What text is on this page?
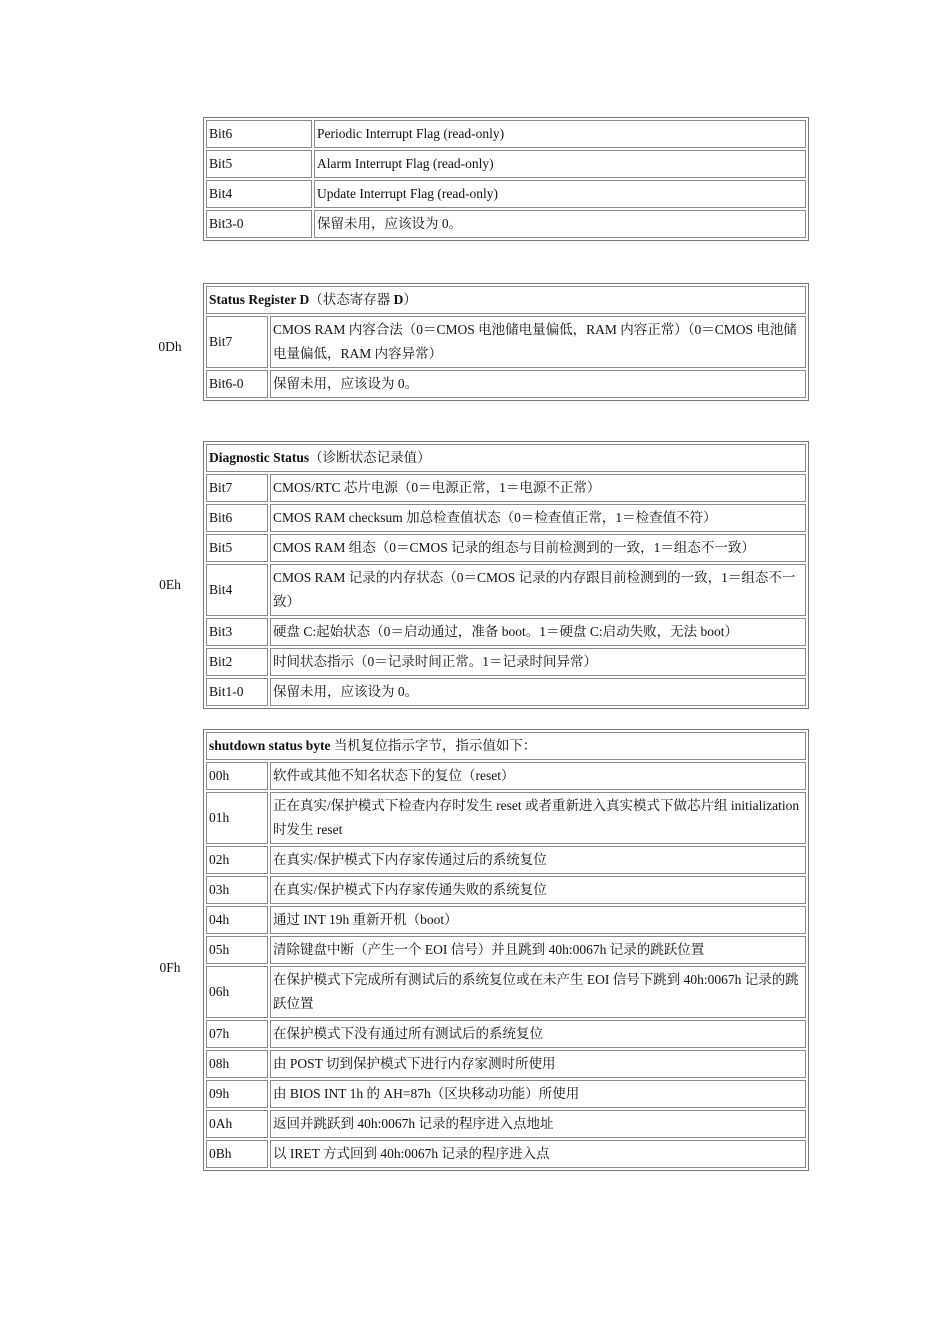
Bit6	Periodic Interrupt Flag (read-only)
Bit5	Alarm Interrupt Flag (read-only)
Bit4	Update Interrupt Flag (read-only)
Bit3-0	保留未用，应该设为 0。
0Dh
Status Register D（状态寄存器 D）	
Bit7	CMOS RAM 内容合法（0＝CMOS 电池储电量偏低，RAM 内容正常）（0＝CMOS 电池储电量偏低，RAM 内容异常）
Bit6-0	保留未用，应该设为 0。
0Eh
Diagnostic Status（诊断状态记录值）	
Bit7	CMOS/RTC 芯片电源（0＝电源正常，1＝电源不正常）
Bit6	CMOS RAM checksum 加总检查值状态（0＝检查值正常，1＝检查值不符）
Bit5	CMOS RAM 组态（0＝CMOS 记录的组态与目前检测到的一致，1＝组态不一致）
Bit4	CMOS RAM 记录的内存状态（0＝CMOS 记录的内存跟目前检测到的一致，1＝组态不一致）
Bit3	硬盘 C:起始状态（0＝启动通过，准备 boot。1＝硬盘 C:启动失败，无法 boot）
Bit2	时间状态指示（0＝记录时间正常。1＝记录时间异常）
Bit1-0	保留未用，应该设为 0。
0Fh
shutdown status byte 当机复位指示字节，指示值如下：	
00h	软件或其他不知名状态下的复位（reset）
01h	正在真实/保护模式下检查内存时发生 reset 或者重新进入真实模式下做芯片组 initialization 时发生 reset
02h	在真实/保护模式下内存家传通过后的系统复位
03h	在真实/保护模式下内存家传通失败的系统复位
04h	通过 INT 19h 重新开机（boot）
05h	清除键盘中断（产生一个 EOI 信号）并且跳到 40h:0067h 记录的跳跃位置
06h	在保护模式下完成所有测试后的系统复位或在未产生 EOI 信号下跳到 40h:0067h 记录的跳跃位置
07h	在保护模式下没有通过所有测试后的系统复位
08h	由 POST 切到保护模式下进行内存家测时所使用
09h	由 BIOS INT 1h 的 AH=87h（区块移动功能）所使用
0Ah	返回并跳跃到 40h:0067h 记录的程序进入点地址
0Bh	以 IRET 方式回到 40h:0067h 记录的程序进入点
